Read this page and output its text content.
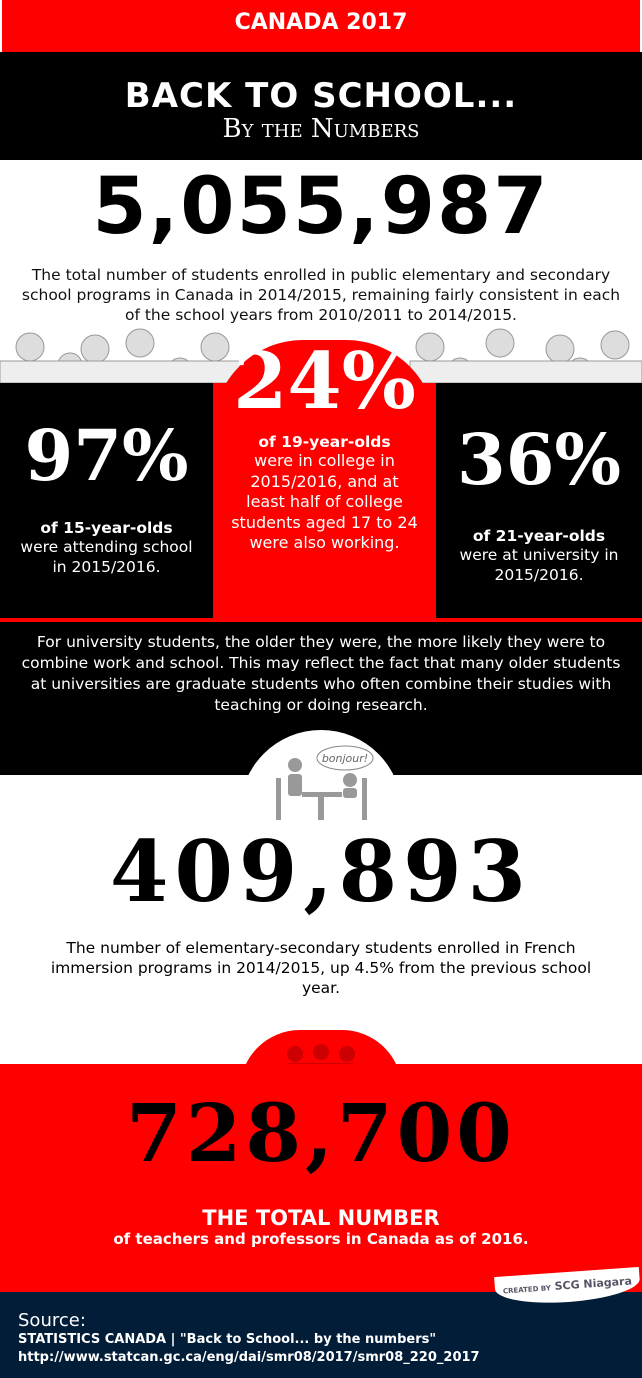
CANADA 2017
BACK TO SCHOOL...
By the Numbers
5,055,987
The total number of students enrolled in public elementary and secondary school programs in Canada in 2014/2015, remaining fairly consistent in each of the school years from 2010/2011 to 2014/2015.
97%
of 15-year-olds
were attending school in 2015/2016.
24%
of 19-year-olds
were in college in 2015/2016, and at least half of college students aged 17 to 24 were also working.
36%
of 21-year-olds
were at university in 2015/2016.
For university students, the older they were, the more likely they were to combine work and school. This may reflect the fact that many older students at universities are graduate students who often combine their studies with teaching or doing research.
bonjour!
409,893
The number of elementary-secondary students enrolled in French immersion programs in 2014/2015, up 4.5% from the previous school year.
728,700
THE TOTAL NUMBER
of teachers and professors in Canada as of 2016.
Source:
STATISTICS CANADA | "Back to School... by the numbers"
http://www.statcan.gc.ca/eng/dai/smr08/2017/smr08_220_2017
CREATED BY SCG Niagara
